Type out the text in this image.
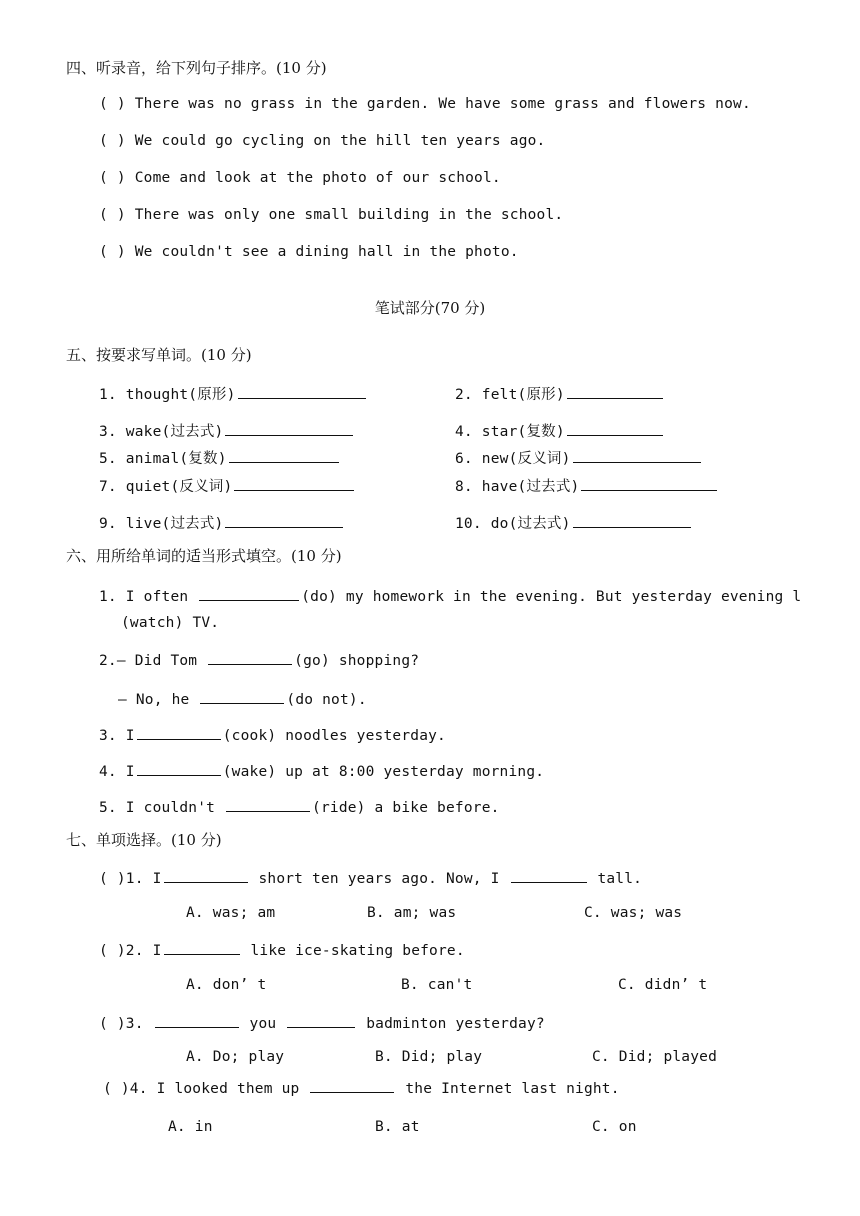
四、听录音，给下列句子排序。(10 分)
( ) There was no grass in the garden. We have some grass and flowers now.
( ) We could go cycling on the hill ten years ago.
( ) Come and look at the photo of our school.
( ) There was only one small building in the school.
( ) We couldn't see a dining hall in the photo.
笔试部分(70 分)
五、按要求写单词。(10 分)
1. thought(原形)	2. felt(原形)
3. wake(过去式)	4. star(复数)
5. animal(复数)	6. new(反义词)
7. quiet(反义词)	8. have(过去式)
9. live(过去式)	10. do(过去式)
六、用所给单词的适当形式填空。(10 分)
1. I often	(do) my homework in the evening. But yesterday evening l
(watch) TV.
2.— Did Tom	(go) shopping?
— No, he	(do not).
3. I	(cook) noodles yesterday.
4. I	(wake) up at 8:00 yesterday morning.
5. I couldn't	(ride) a bike before.
七、单项选择。(10 分)
( )1. I	short ten years ago. Now, I	tall.
A. was; am	B. am; was	C. was; was
( )2. I	like ice-skating before.
A. don’ t	B. can't	C. didn’ t
( )3.	you	badminton yesterday?
A. Do; play	B. Did; play	C. Did; played
( )4. I looked them up	the Internet last night.
A. in	B. at	C. on
